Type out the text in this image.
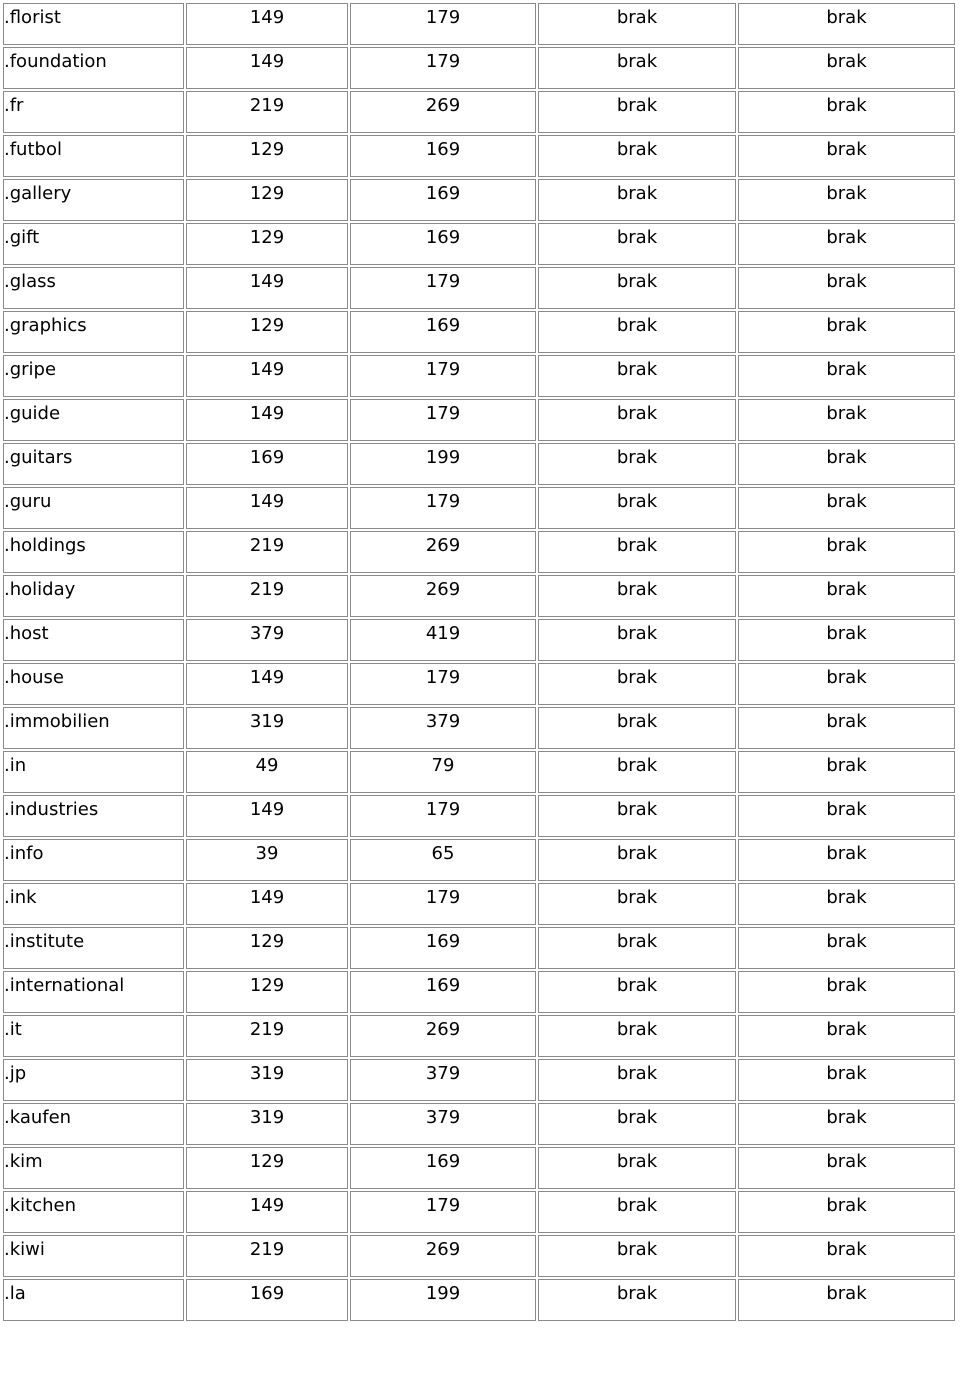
.florist	149	179	brak	brak
.foundation	149	179	brak	brak
.fr	219	269	brak	brak
.futbol	129	169	brak	brak
.gallery	129	169	brak	brak
.gift	129	169	brak	brak
.glass	149	179	brak	brak
.graphics	129	169	brak	brak
.gripe	149	179	brak	brak
.guide	149	179	brak	brak
.guitars	169	199	brak	brak
.guru	149	179	brak	brak
.holdings	219	269	brak	brak
.holiday	219	269	brak	brak
.host	379	419	brak	brak
.house	149	179	brak	brak
.immobilien	319	379	brak	brak
.in	49	79	brak	brak
.industries	149	179	brak	brak
.info	39	65	brak	brak
.ink	149	179	brak	brak
.institute	129	169	brak	brak
.international	129	169	brak	brak
.it	219	269	brak	brak
.jp	319	379	brak	brak
.kaufen	319	379	brak	brak
.kim	129	169	brak	brak
.kitchen	149	179	brak	brak
.kiwi	219	269	brak	brak
.la	169	199	brak	brak
